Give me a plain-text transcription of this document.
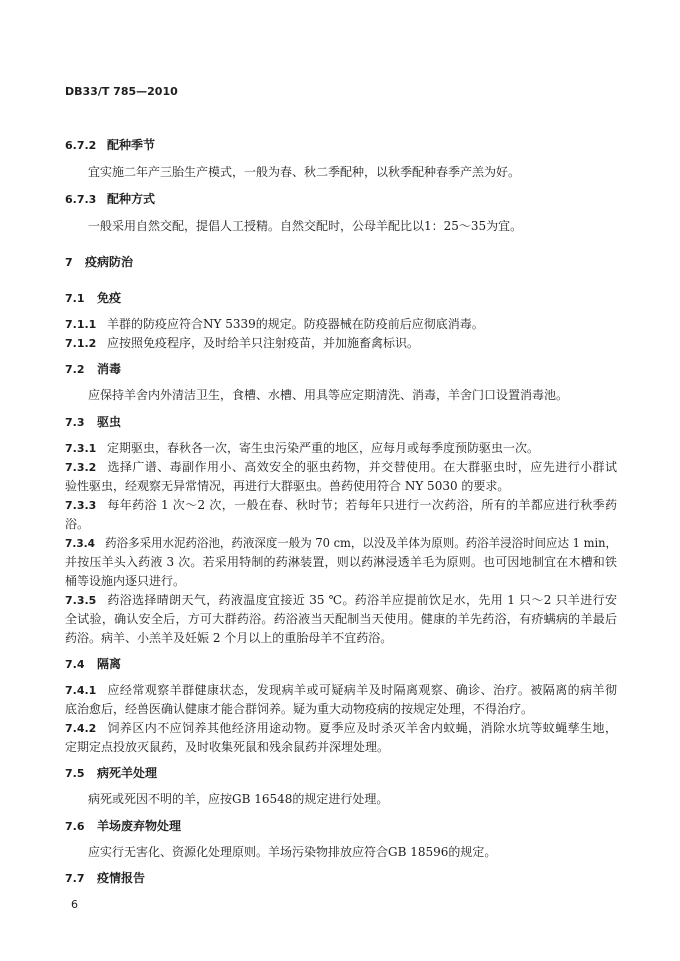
DB33/T 785—2010
6.7.2 配种季节
宜实施二年产三胎生产模式，一般为春、秋二季配种，以秋季配种春季产羔为好。
6.7.3 配种方式
一般采用自然交配，提倡人工授精。自然交配时，公母羊配比以1：25～35为宜。
7 疫病防治
7.1 免疫
7.1.1 羊群的防疫应符合NY 5339的规定。防疫器械在防疫前后应彻底消毒。
7.1.2 应按照免疫程序，及时给羊只注射疫苗，并加施畜禽标识。
7.2 消毒
应保持羊舍内外清洁卫生，食槽、水槽、用具等应定期清洗、消毒，羊舍门口设置消毒池。
7.3 驱虫
7.3.1 定期驱虫，春秋各一次，寄生虫污染严重的地区，应每月或每季度预防驱虫一次。
7.3.2 选择广谱、毒副作用小、高效安全的驱虫药物，并交替使用。在大群驱虫时，应先进行小群试
验性驱虫，经观察无异常情况，再进行大群驱虫。兽药使用符合 NY 5030 的要求。
7.3.3 每年药浴 1 次～2 次，一般在春、秋时节；若每年只进行一次药浴，所有的羊都应进行秋季药
浴。
7.3.4 药浴多采用水泥药浴池，药液深度一般为 70 cm，以没及羊体为原则。药浴羊浸浴时间应达 1 min，
并按压羊头入药液 3 次。若采用特制的药淋装置，则以药淋浸透羊毛为原则。也可因地制宜在木槽和铁
桶等设施内逐只进行。
7.3.5 药浴选择晴朗天气，药液温度宜接近 35 ℃。药浴羊应提前饮足水，先用 1 只～2 只羊进行安
全试验，确认安全后，方可大群药浴。药浴液当天配制当天使用。健康的羊先药浴，有疥螨病的羊最后
药浴。病羊、小羔羊及妊娠 2 个月以上的重胎母羊不宜药浴。
7.4 隔离
7.4.1 应经常观察羊群健康状态，发现病羊或可疑病羊及时隔离观察、确诊、治疗。被隔离的病羊彻
底治愈后，经兽医确认健康才能合群饲养。疑为重大动物疫病的按规定处理，不得治疗。
7.4.2 饲养区内不应饲养其他经济用途动物。夏季应及时杀灭羊舍内蚊蝇，消除水坑等蚊蝇孳生地，
定期定点投放灭鼠药，及时收集死鼠和残余鼠药并深埋处理。
7.5 病死羊处理
病死或死因不明的羊，应按GB 16548的规定进行处理。
7.6 羊场废弃物处理
应实行无害化、资源化处理原则。羊场污染物排放应符合GB 18596的规定。
7.7 疫情报告
6
